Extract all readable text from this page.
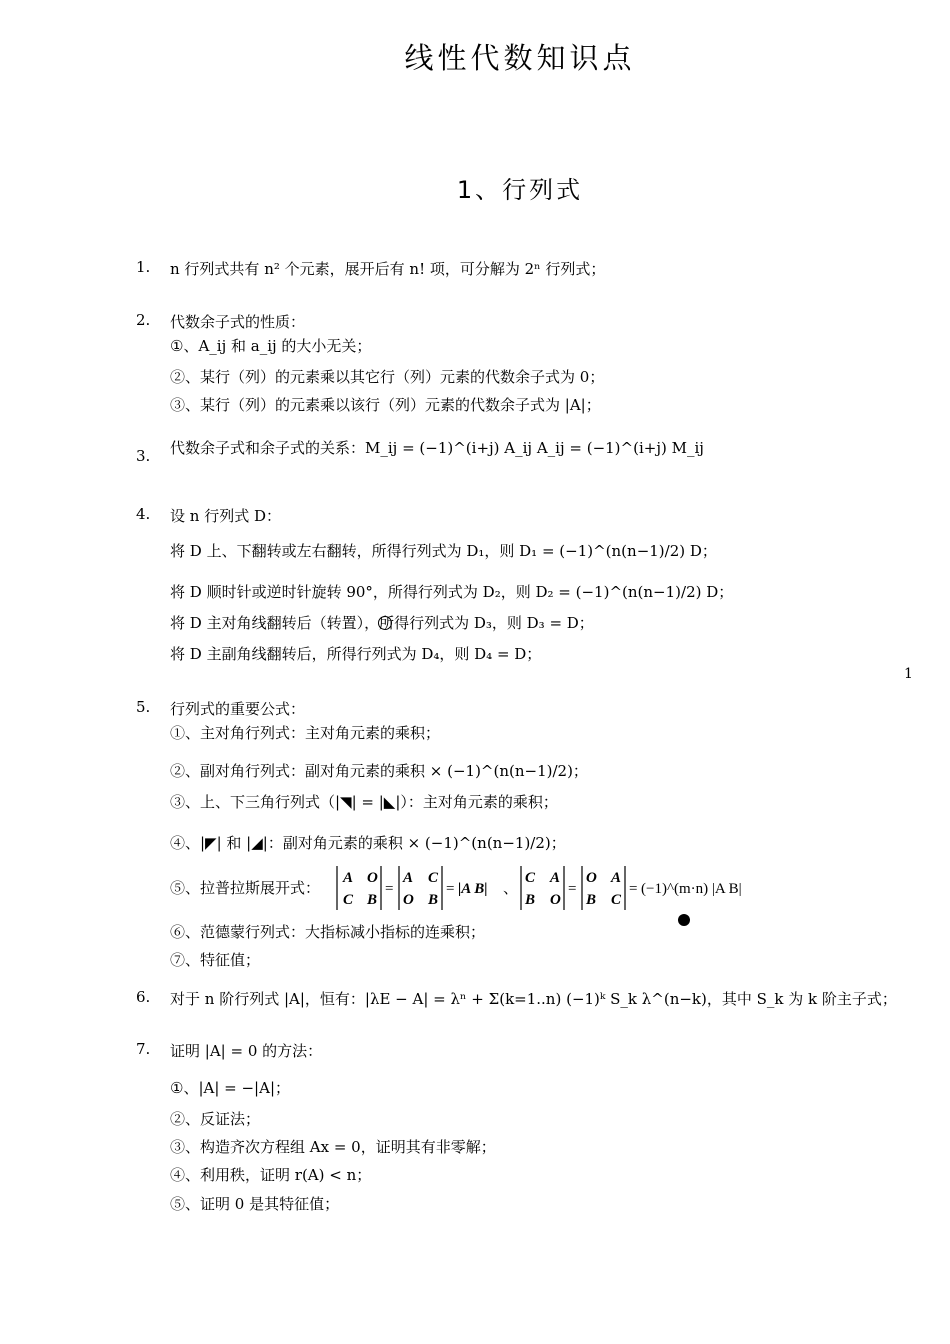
线性代数知识点
1、行列式
1
1. n 行列式共有 n² 个元素，展开后有 n! 项，可分解为 2ⁿ 行列式；
2. 代数余子式的性质：
①、A_ij 和 a_ij 的大小无关；
②、某行（列）的元素乘以其它行（列）元素的代数余子式为 0；
③、某行（列）的元素乘以该行（列）元素的代数余子式为 |A|；
3. 代数余子式和余子式的关系：M_ij = (−1)^(i+j) A_ij A_ij = (−1)^(i+j) M_ij
4. 设 n 行列式 D：
将 D 上、下翻转或左右翻转，所得行列式为 D₁，则 D₁ = (−1)^(n(n−1)/2) D；
将 D 顺时针或逆时针旋转 90°，所得行列式为 D₂，则 D₂ = (−1)^(n(n−1)/2) D；
将 D 主对角线翻转后（转置），所得行列式为 D₃，则 D₃ = D；
将 D 主副角线翻转后，所得行列式为 D₄，则 D₄ = D；
5. 行列式的重要公式：
①、主对角行列式：主对角元素的乘积；
②、副对角行列式：副对角元素的乘积 × (−1)^(n(n−1)/2)；
③、上、下三角行列式（|◥| = |◣|）：主对角元素的乘积；
④、|◤| 和 |◢|：副对角元素的乘积 × (−1)^(n(n−1)/2)；
⑤、拉普拉斯展开式：
A O
C B
=
A C
O B
= |A B| 、
C A
B O
=
O A
B C
= (−1)^(m·n) |A B|
⑥、范德蒙行列式：大指标减小指标的连乘积；
⑦、特征值；
6. 对于 n 阶行列式 |A|，恒有：|λE − A| = λⁿ + Σ(k=1..n) (−1)ᵏ S_k λ^(n−k)，其中 S_k 为 k 阶主子式；
7. 证明 |A| = 0 的方法：
①、|A| = −|A|；
②、反证法；
③、构造齐次方程组 Ax = 0，证明其有非零解；
④、利用秩，证明 r(A) < n；
⑤、证明 0 是其特征值；
